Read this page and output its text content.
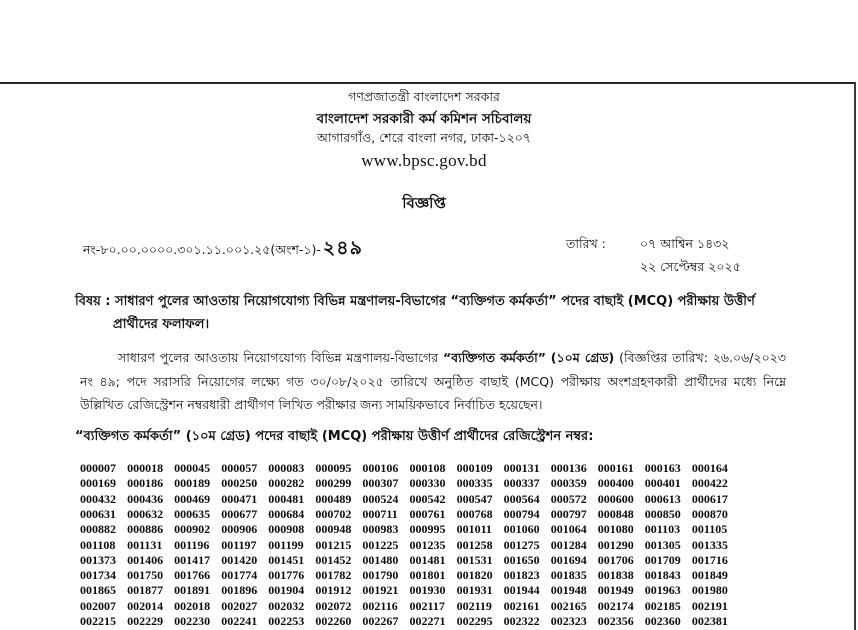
গণপ্রজাতন্ত্রী বাংলাদেশ সরকার
বাংলাদেশ সরকারী কর্ম কমিশন সচিবালয়
আগারগাঁও, শেরে বাংলা নগর, ঢাকা-১২০৭
www.bpsc.gov.bd
বিজ্ঞপ্তি
নং-৮০.০০.০০০০.৩০১.১১.০০১.২৫(অংশ-১)- ২৪৯	তারিখ :	০৭ আশ্বিন ১৪৩২
২২ সেপ্টেম্বর ২০২৫
বিষয় : সাধারণ পুলের আওতায় নিয়োগযোগ্য বিভিন্ন মন্ত্রণালয়-বিভাগের “ব্যক্তিগত কর্মকর্তা” পদের বাছাই (MCQ) পরীক্ষায় উত্তীর্ণ প্রার্থীদের ফলাফল।
সাধারণ পুলের আওতায় নিয়োগযোগ্য বিভিন্ন মন্ত্রণালয়-বিভাগের “ব্যক্তিগত কর্মকর্তা” (১০ম গ্রেড) (বিজ্ঞপ্তির তারিখ: ২৬.০৬/২০২৩ নং ৪৯; পদে সরাসরি নিয়োগের লক্ষ্যে গত ৩০/০৮/২০২৫ তারিখে অনুষ্ঠিত বাছাই (MCQ) পরীক্ষায় অংশগ্রহণকারী প্রার্থীদের মধ্যে নিম্নে উল্লিখিত রেজিস্ট্রেশন নম্বরধারী প্রার্থীগণ লিখিত পরীক্ষার জন্য সাময়িকভাবে নির্বাচিত হয়েছেন।
“ব্যক্তিগত কর্মকর্তা” (১০ম গ্রেড) পদের বাছাই (MCQ) পরীক্ষায় উত্তীর্ণ প্রার্থীদের রেজিস্ট্রেশন নম্বর:
000007 000018 000045 000057 000083 000095 000106 000108 000109 000131 000136 000161 000163 000164
000169 000186 000189 000250 000282 000299 000307 000330 000335 000337 000359 000400 000401 000422
000432 000436 000469 000471 000481 000489 000524 000542 000547 000564 000572 000600 000613 000617
000631 000632 000635 000677 000684 000702 000711 000761 000768 000794 000797 000848 000850 000870
000882 000886 000902 000906 000908 000948 000983 000995 001011 001060 001064 001080 001103 001105
001108 001131 001196 001197 001199 001215 001225 001235 001258 001275 001284 001290 001305 001335
001373 001406 001417 001420 001451 001452 001480 001481 001531 001650 001694 001706 001709 001716
001734 001750 001766 001774 001776 001782 001790 001801 001820 001823 001835 001838 001843 001849
001865 001877 001891 001896 001904 001912 001921 001930 001931 001944 001948 001949 001963 001980
002007 002014 002018 002027 002032 002072 002116 002117 002119 002161 002165 002174 002185 002191
002215 002229 002230 002241 002253 002260 002267 002271 002295 002322 002323 002356 002360 002381
